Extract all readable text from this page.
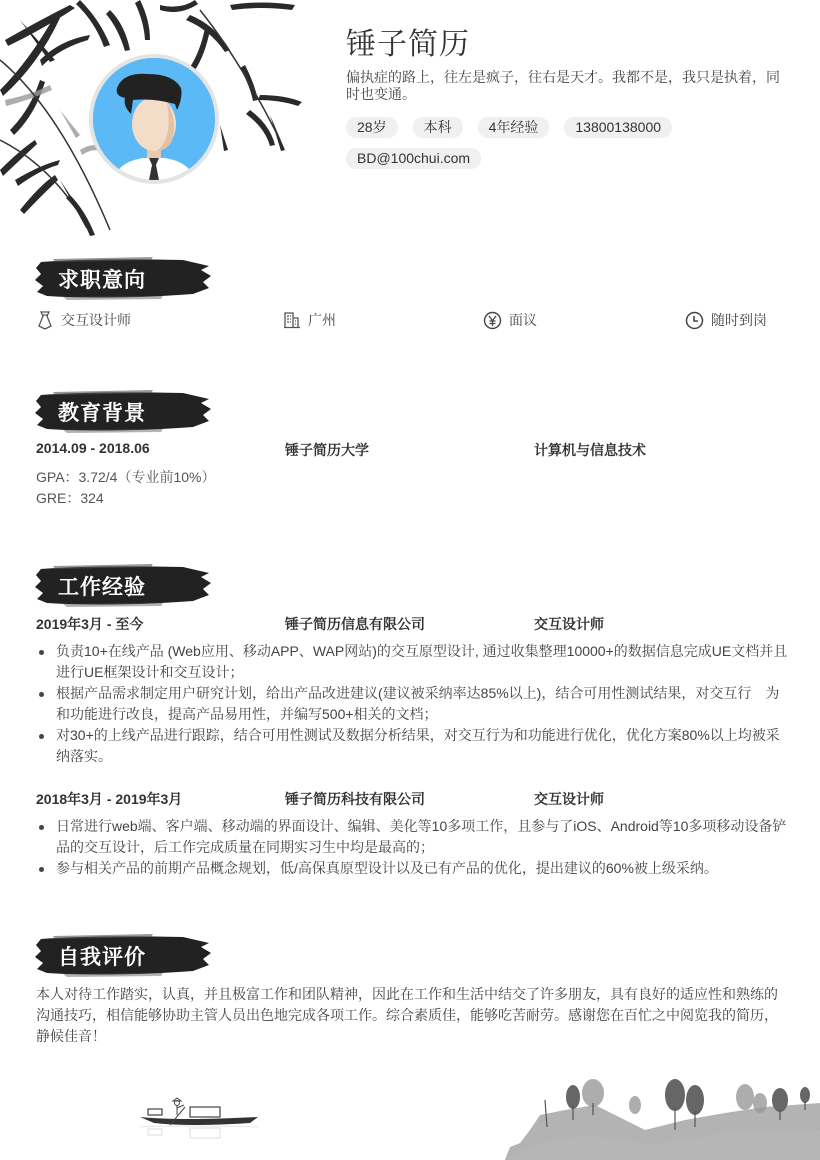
锤子简历

偏执症的路上，往左是疯子，往右是天才。我都不是，我只是执着，同时也变通。

28岁	本科	4年经验	13800138000
BD@100chui.com
求职意向
交互设计师	广州	面议	随时到岗
教育背景
2014.09 - 2018.06	锤子简历大学	计算机与信息技术
GPA：3.72/4（专业前10%）
GRE：324
工作经验
2019年3月 - 至今	锤子简历信息有限公司	交互设计师
负责10+在线产品 (Web应用、移动APP、WAP网站)的交互原型设计, 通过收集整理10000+的数据信息完成UE文档并且进行UE框架设计和交互设计；
根据产品需求制定用户研究计划，给出产品改进建议(建议被采纳率达85%以上)，结合可用性测试结果，对交互行　为和功能进行改良，提高产品易用性，并编写500+相关的文档；
对30+的上线产品进行跟踪，结合可用性测试及数据分析结果，对交互行为和功能进行优化，优化方案80%以上均被采纳落实。
2018年3月 - 2019年3月	锤子简历科技有限公司	交互设计师
日常进行web端、客户端、移动端的界面设计、编辑、美化等10多项工作，且参与了iOS、Android等10多项移动设备铲品的交互设计，后工作完成质量在同期实习生中均是最高的；
参与相关产品的前期产品概念规划，低/高保真原型设计以及已有产品的优化，提出建议的60%被上级采纳。
自我评价

本人对待工作踏实，认真，并且极富工作和团队精神，因此在工作和生活中结交了许多朋友，具有良好的适应性和熟练的沟通技巧，相信能够协助主管人员出色地完成各项工作。综合素质佳，能够吃苦耐劳。感谢您在百忙之中阅览我的简历，静候佳音！
